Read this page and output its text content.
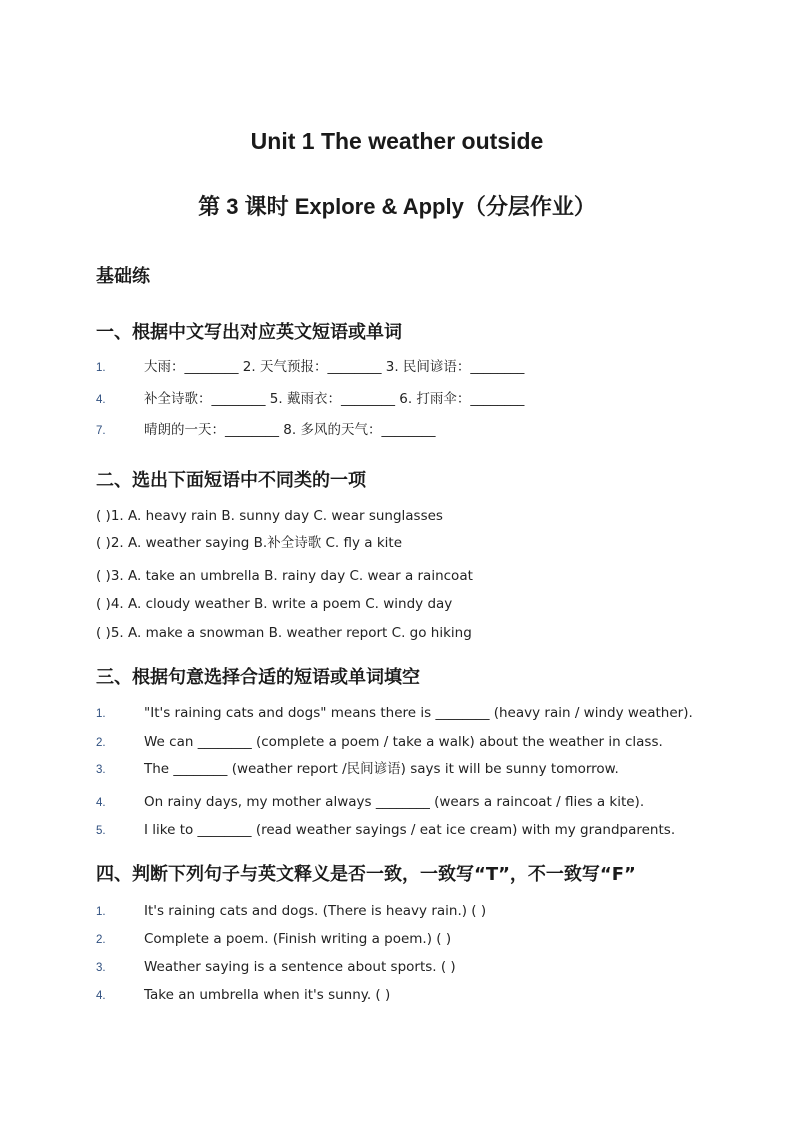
Unit 1 The weather outside
第 3 课时 Explore & Apply（分层作业）
基础练
一、根据中文写出对应英文短语或单词
1.	大雨：________ 2. 天气预报：________ 3. 民间谚语：________
4.	补全诗歌：________ 5. 戴雨衣：________ 6. 打雨伞：________
7.	晴朗的一天：________ 8. 多风的天气：________
二、选出下面短语中不同类的一项
( )1. A. heavy rain B. sunny day C. wear sunglasses
( )2. A. weather saying B.补全诗歌 C. fly a kite
( )3. A. take an umbrella B. rainy day C. wear a raincoat
( )4. A. cloudy weather B. write a poem C. windy day
( )5. A. make a snowman B. weather report C. go hiking
三、根据句意选择合适的短语或单词填空
1.	"It's raining cats and dogs" means there is ________ (heavy rain / windy weather).
2.	We can ________ (complete a poem / take a walk) about the weather in class.
3.	The ________ (weather report /民间谚语) says it will be sunny tomorrow.
4.	On rainy days, my mother always ________ (wears a raincoat / flies a kite).
5.	I like to ________ (read weather sayings / eat ice cream) with my grandparents.
四、判断下列句子与英文释义是否一致，一致写“T”，不一致写“F”
1.	It's raining cats and dogs. (There is heavy rain.) ( )
2.	Complete a poem. (Finish writing a poem.) ( )
3.	Weather saying is a sentence about sports. ( )
4.	Take an umbrella when it's sunny. ( )
